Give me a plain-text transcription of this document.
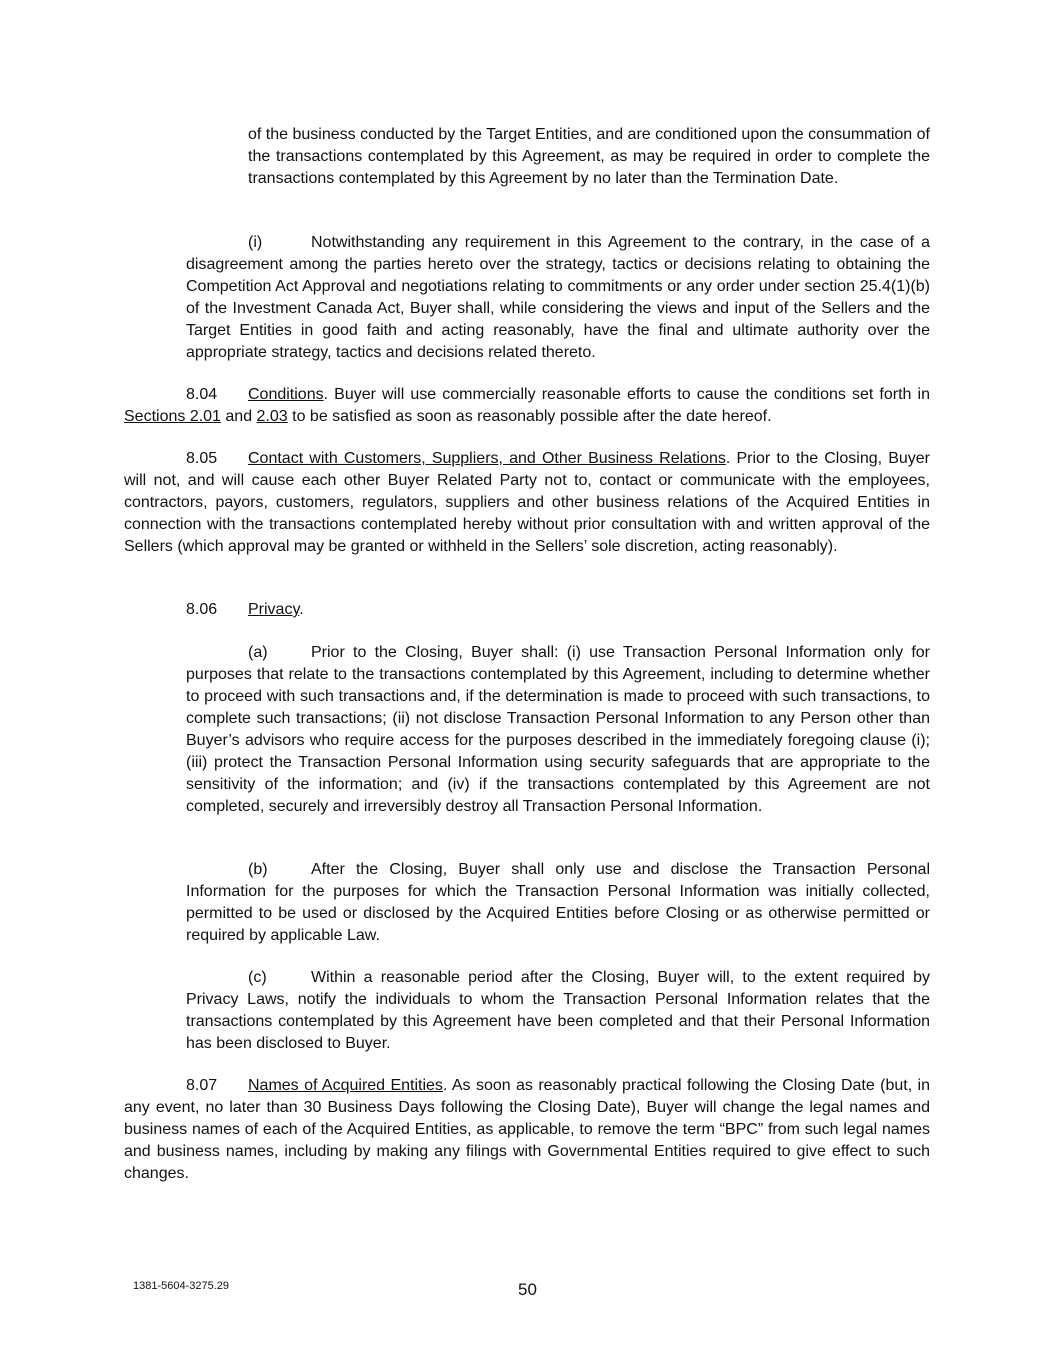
of the business conducted by the Target Entities, and are conditioned upon the consummation of the transactions contemplated by this Agreement, as may be required in order to complete the transactions contemplated by this Agreement by no later than the Termination Date.

(i)	Notwithstanding any requirement in this Agreement to the contrary, in the case of a disagreement among the parties hereto over the strategy, tactics or decisions relating to obtaining the Competition Act Approval and negotiations relating to commitments or any order under section 25.4(1)(b) of the Investment Canada Act, Buyer shall, while considering the views and input of the Sellers and the Target Entities in good faith and acting reasonably, have the final and ultimate authority over the appropriate strategy, tactics and decisions related thereto.

8.04 Conditions. Buyer will use commercially reasonable efforts to cause the conditions set forth in Sections 2.01 and 2.03 to be satisfied as soon as reasonably possible after the date hereof.

8.05 Contact with Customers, Suppliers, and Other Business Relations. Prior to the Closing, Buyer will not, and will cause each other Buyer Related Party not to, contact or communicate with the employees, contractors, payors, customers, regulators, suppliers and other business relations of the Acquired Entities in connection with the transactions contemplated hereby without prior consultation with and written approval of the Sellers (which approval may be granted or withheld in the Sellers’ sole discretion, acting reasonably).

8.06 Privacy.

(a)	Prior to the Closing, Buyer shall: (i) use Transaction Personal Information only for purposes that relate to the transactions contemplated by this Agreement, including to determine whether to proceed with such transactions and, if the determination is made to proceed with such transactions, to complete such transactions; (ii) not disclose Transaction Personal Information to any Person other than Buyer’s advisors who require access for the purposes described in the immediately foregoing clause (i); (iii) protect the Transaction Personal Information using security safeguards that are appropriate to the sensitivity of the information; and (iv) if the transactions contemplated by this Agreement are not completed, securely and irreversibly destroy all Transaction Personal Information.

(b)	After the Closing, Buyer shall only use and disclose the Transaction Personal Information for the purposes for which the Transaction Personal Information was initially collected, permitted to be used or disclosed by the Acquired Entities before Closing or as otherwise permitted or required by applicable Law.

(c)	Within a reasonable period after the Closing, Buyer will, to the extent required by Privacy Laws, notify the individuals to whom the Transaction Personal Information relates that the transactions contemplated by this Agreement have been completed and that their Personal Information has been disclosed to Buyer.

8.07 Names of Acquired Entities. As soon as reasonably practical following the Closing Date (but, in any event, no later than 30 Business Days following the Closing Date), Buyer will change the legal names and business names of each of the Acquired Entities, as applicable, to remove the term “BPC” from such legal names and business names, including by making any filings with Governmental Entities required to give effect to such changes.

1381-5604-3275.29	50
